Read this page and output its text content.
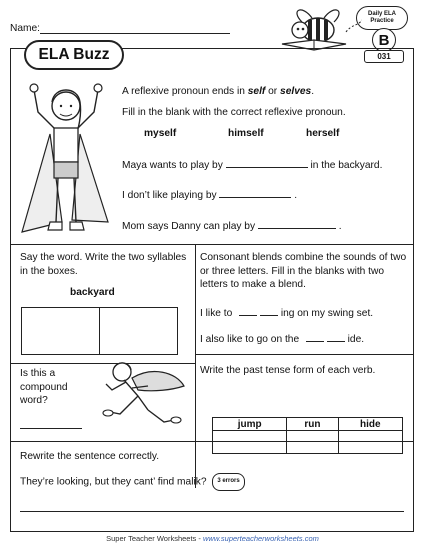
Name:
Daily ELA
Practice
B
031
ELA Buzz
A reflexive pronoun ends in self or selves.
Fill in the blank with the correct reflexive pronoun.
myself	himself	herself
Maya wants to play by	in the backyard.
I don’t like playing by	.
Mom says Danny can play by	.
Say the word. Write the two syllables in the boxes.
backyard
Is this a compound word?
Consonant blends combine the sounds of two or three letters. Fill in the blanks with two letters to make a blend.
I like to	ing on my swing set.
I also like to go on the	ide.
Write the past tense form of each verb.
jump	run	hide

Rewrite the sentence correctly.
They’re looking, but they cant’ find malik? 3 errors
Super Teacher Worksheets - www.superteacherworksheets.com
